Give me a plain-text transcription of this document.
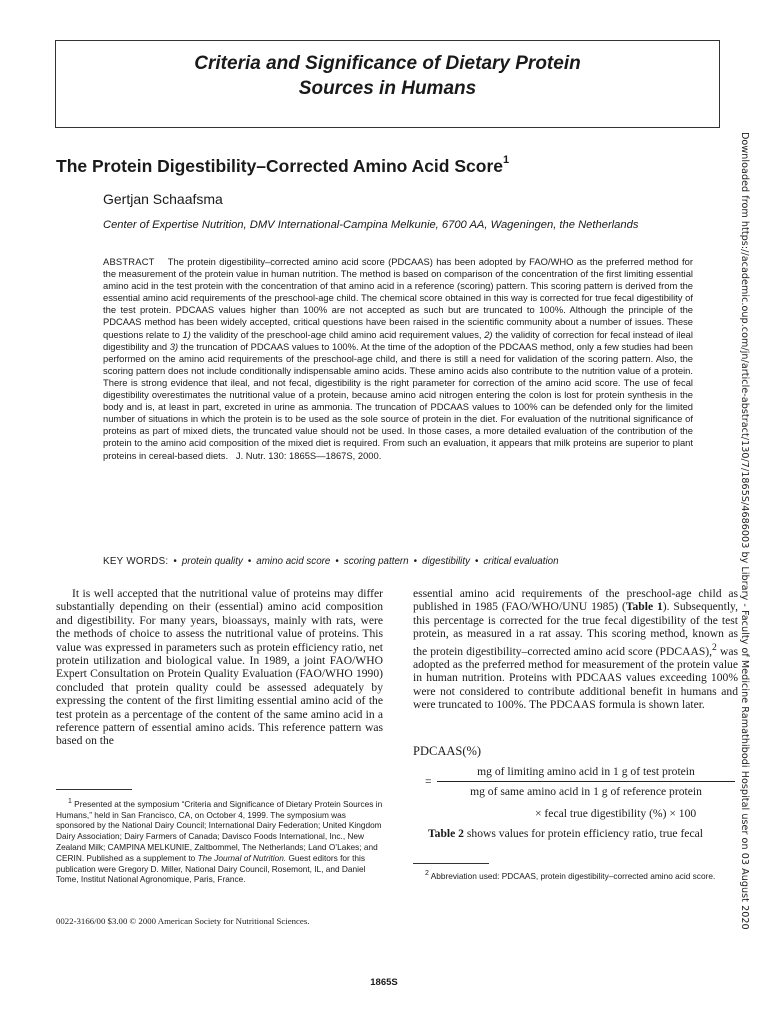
Criteria and Significance of Dietary Protein
Sources in Humans
Downloaded from https://academic.oup.com/jn/article-abstract/130/7/1865S/4686003 by Library - Faculty of Medicine Ramathibodi Hospital user on 03 August 2020
The Protein Digestibility–Corrected Amino Acid Score$^1$
Gertjan Schaafsma
Center of Expertise Nutrition, DMV International-Campina Melkunie, 6700 AA, Wageningen, the Netherlands
ABSTRACT The protein digestibility–corrected amino acid score (PDCAAS) has been adopted by FAO/WHO as the preferred method for the measurement of the protein value in human nutrition. The method is based on comparison of the concentration of the first limiting essential amino acid in the test protein with the concentration of that amino acid in a reference (scoring) pattern. This scoring pattern is derived from the essential amino acid requirements of the preschool-age child. The chemical score obtained in this way is corrected for true fecal digestibility of the test protein. PDCAAS values higher than 100% are not accepted as such but are truncated to 100%. Although the principle of the PDCAAS method has been widely accepted, critical questions have been raised in the scientific community about a number of issues. These questions relate to 1) the validity of the preschool-age child amino acid requirement values, 2) the validity of correction for fecal instead of ileal digestibility and 3) the truncation of PDCAAS values to 100%. At the time of the adoption of the PDCAAS method, only a few studies had been performed on the amino acid requirements of the preschool-age child, and there is still a need for validation of the scoring pattern. Also, the scoring pattern does not include conditionally indispensable amino acids. These amino acids also contribute to the nutrition value of a protein. There is strong evidence that ileal, and not fecal, digestibility is the right parameter for correction of the amino acid score. The use of fecal digestibility overestimates the nutritional value of a protein, because amino acid nitrogen entering the colon is lost for protein synthesis in the body and is, at least in part, excreted in urine as ammonia. The truncation of PDCAAS values to 100% can be defended only for the limited number of situations in which the protein is to be used as the sole source of protein in the diet. For evaluation of the nutritional significance of proteins as part of mixed diets, the truncated value should not be used. In those cases, a more detailed evaluation of the contribution of the protein to the amino acid composition of the mixed diet is required. From such an evaluation, it appears that milk proteins are superior to plant proteins in cereal-based diets. J. Nutr. 130: 1865S—1867S, 2000.
KEY WORDS: • protein quality • amino acid score • scoring pattern • digestibility • critical evaluation

It is well accepted that the nutritional value of proteins may differ substantially depending on their (essential) amino acid composition and digestibility. For many years, bioassays, mainly with rats, were the methods of choice to assess the nutritional value of proteins. This value was expressed in parameters such as protein efficiency ratio, net protein utilization and biological value. In 1989, a joint FAO/WHO Expert Consultation on Protein Quality Evaluation (FAO/WHO 1990) concluded that protein quality could be assessed adequately by expressing the content of the first limiting essential amino acid of the test protein as a percentage of the content of the same amino acid in a reference pattern of essential amino acids. This reference pattern was based on the

essential amino acid requirements of the preschool-age child as published in 1985 (FAO/WHO/UNU 1985) (Table 1). Subsequently, this percentage is corrected for the true fecal digestibility of the test protein, as measured in a rat assay. This scoring method, known as the protein digestibility–corrected amino acid score (PDCAAS),$^2$ was adopted as the preferred method for measurement of the protein value in human nutrition. Proteins with PDCAAS values exceeding 100% were not considered to contribute additional benefit in humans and were truncated to 100%. The PDCAAS formula is shown later.

PDCAAS(%)
=
mg of limiting amino acid in 1 g of test protein
mg of same amino acid in 1 g of reference protein
× fecal true digestibility (%) × 100
Table 2 shows values for protein efficiency ratio, true fecal
$^1$ Presented at the symposium “Criteria and Significance of Dietary Protein Sources in Humans,” held in San Francisco, CA, on October 4, 1999. The symposium was sponsored by the National Dairy Council; International Dairy Federation; United Kingdom Dairy Association; Dairy Farmers of Canada; Davisco Foods International, Inc., New Zealand Milk; CAMPINA MELKUNIE, Zaltbommel, The Netherlands; Land O’Lakes; and CERIN. Published as a supplement to The Journal of Nutrition. Guest editors for this publication were Gregory D. Miller, National Dairy Council, Rosemont, IL, and Daniel Tome, Institut National Agronomique, Paris, France.
$^2$ Abbreviation used: PDCAAS, protein digestibility–corrected amino acid score.
0022-3166/00 $3.00 © 2000 American Society for Nutritional Sciences.
1865S
